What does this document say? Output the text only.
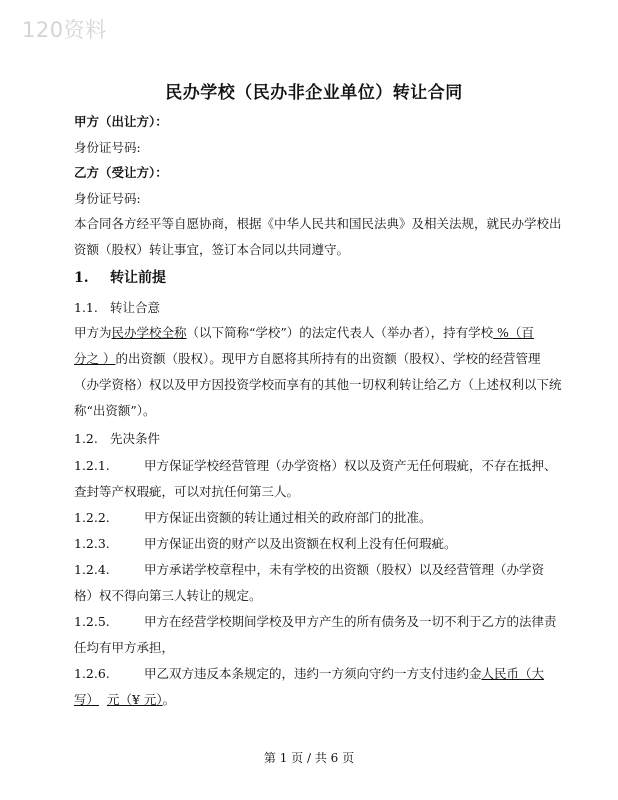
120资料
民办学校（民办非企业单位）转让合同
甲方（出让方）：
身份证号码:
乙方（受让方）：
身份证号码:
本合同各方经平等自愿协商，根据《中华人民共和国民法典》及相关法规，就民办学校出
资额（股权）转让事宜，签订本合同以共同遵守。
1. 转让前提
1.1. 转让合意
甲方为民办学校全称（以下简称“学校”）的法定代表人（举办者），持有学校 %（百
分之 ）的出资额（股权）。现甲方自愿将其所持有的出资额（股权）、学校的经营管理
（办学资格）权以及甲方因投资学校而享有的其他一切权利转让给乙方（上述权利以下统
称“出资额”）。
1.2. 先决条件
1.2.1.	甲方保证学校经营管理（办学资格）权以及资产无任何瑕疵，不存在抵押、
查封等产权瑕疵，可以对抗任何第三人。
1.2.2.	甲方保证出资额的转让通过相关的政府部门的批准。
1.2.3.	甲方保证出资的财产以及出资额在权利上没有任何瑕疵。
1.2.4.	甲方承诺学校章程中，未有学校的出资额（股权）以及经营管理（办学资
格）权不得向第三人转让的规定。
1.2.5.	甲方在经营学校期间学校及甲方产生的所有债务及一切不利于乙方的法律责
任均有甲方承担，
1.2.6.	甲乙双方违反本条规定的，违约一方须向守约一方支付违约金人民币（大
写） 元（¥ 元）。
第 1 页 / 共 6 页
